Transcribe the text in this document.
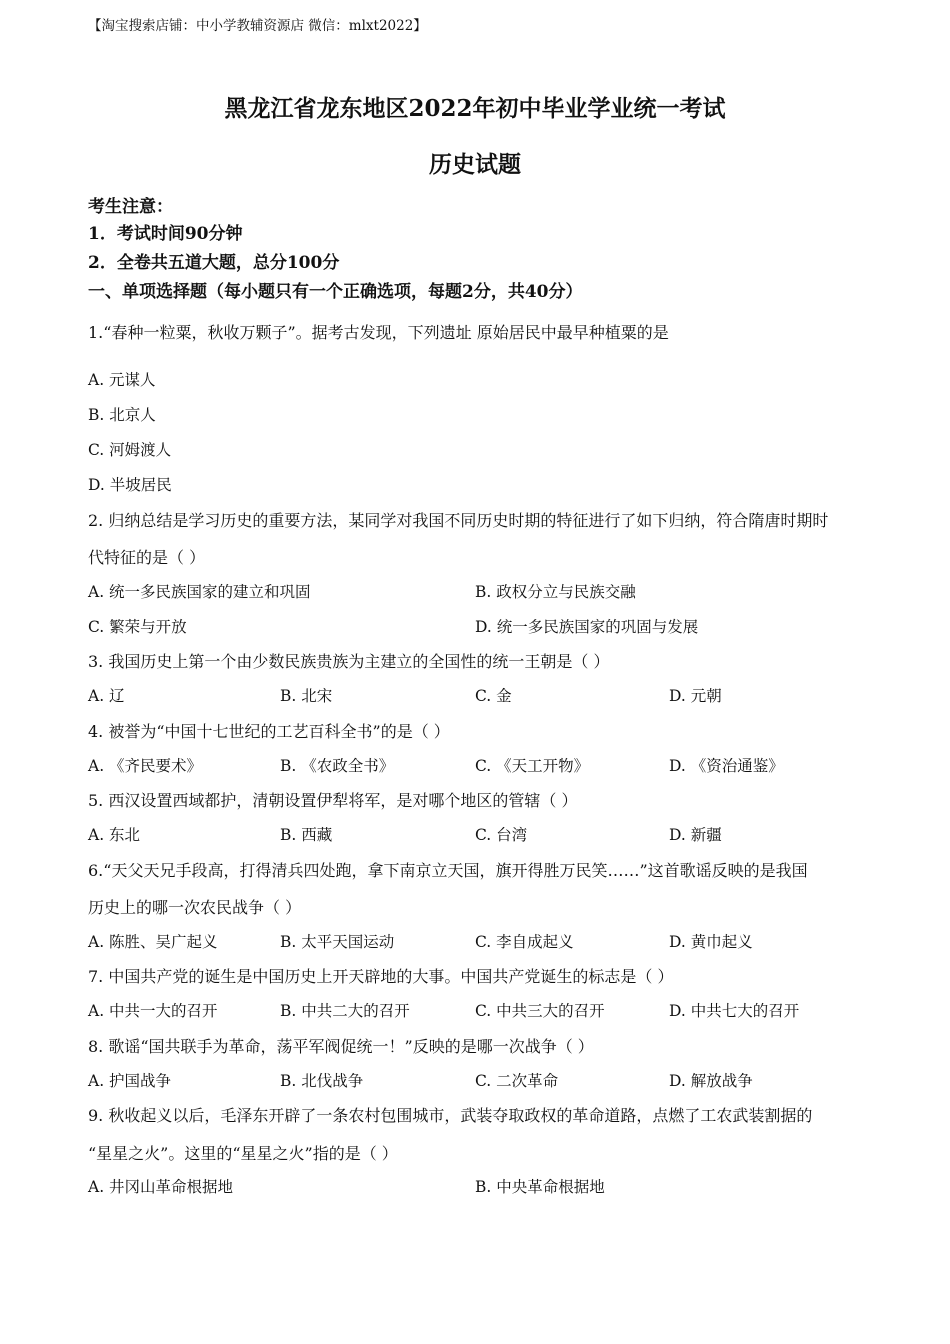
【淘宝搜索店铺：中小学教辅资源店 微信：mlxt2022】
黑龙江省龙东地区2022年初中毕业学业统一考试
历史试题
考生注意：
1．考试时间90分钟
2．全卷共五道大题，总分100分
一、单项选择题（每小题只有一个正确选项，每题2分，共40分）
1.“春种一粒粟，秋收万颗子”。据考古发现，下列遗址 原始居民中最早种植粟的是
A. 元谋人
B. 北京人
C. 河姆渡人
D. 半坡居民
2. 归纳总结是学习历史的重要方法，某同学对我国不同历史时期的特征进行了如下归纳，符合隋唐时期时
代特征的是（ ）
A. 统一多民族国家的建立和巩固	B. 政权分立与民族交融
C. 繁荣与开放	D. 统一多民族国家的巩固与发展
3. 我国历史上第一个由少数民族贵族为主建立的全国性的统一王朝是（ ）
A. 辽	B. 北宋	C. 金	D. 元朝
4. 被誉为“中国十七世纪的工艺百科全书”的是（ ）
A. 《齐民要术》	B. 《农政全书》	C. 《天工开物》	D. 《资治通鉴》
5. 西汉设置西域都护，清朝设置伊犁将军，是对哪个地区的管辖（ ）
A. 东北	B. 西藏	C. 台湾	D. 新疆
6.“天父天兄手段高，打得清兵四处跑，拿下南京立天国，旗开得胜万民笑……”这首歌谣反映的是我国
历史上的哪一次农民战争（ ）
A. 陈胜、吴广起义	B. 太平天国运动	C. 李自成起义	D. 黄巾起义
7. 中国共产党的诞生是中国历史上开天辟地的大事。中国共产党诞生的标志是（ ）
A. 中共一大的召开	B. 中共二大的召开	C. 中共三大的召开	D. 中共七大的召开
8. 歌谣“国共联手为革命，荡平军阀促统一！”反映的是哪一次战争（ ）
A. 护国战争	B. 北伐战争	C. 二次革命	D. 解放战争
9. 秋收起义以后，毛泽东开辟了一条农村包围城市，武装夺取政权的革命道路，点燃了工农武装割据的
“星星之火”。这里的“星星之火”指的是（ ）
A. 井冈山革命根据地	B. 中央革命根据地
